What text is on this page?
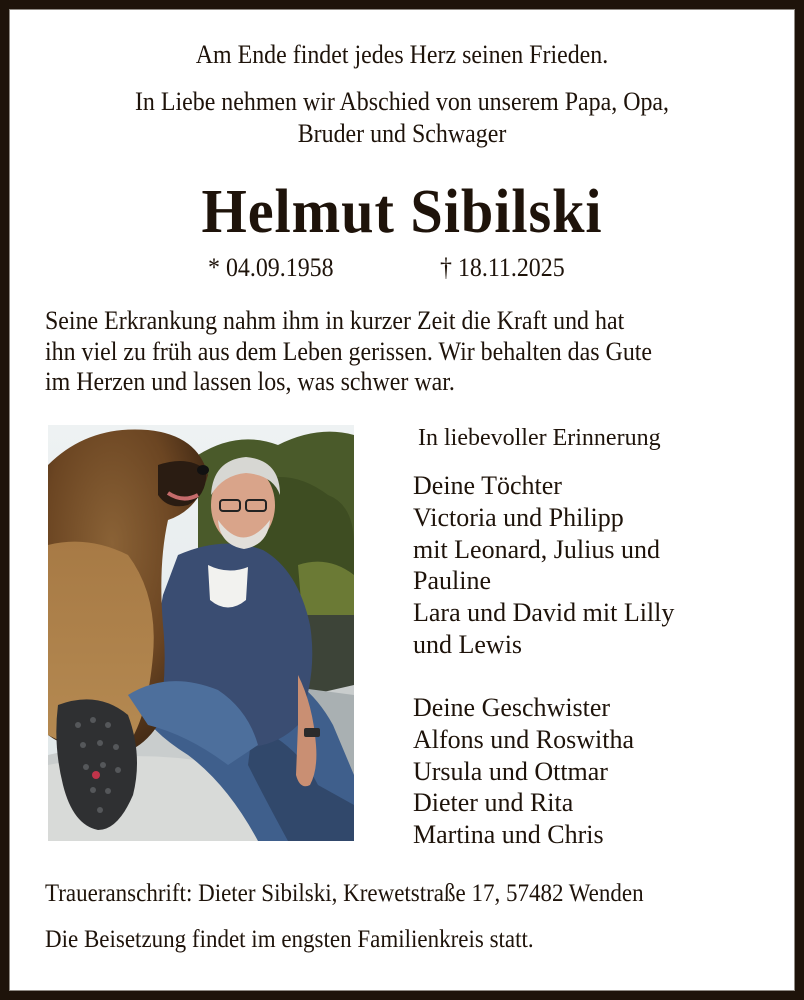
Am Ende findet jedes Herz seinen Frieden.
In Liebe nehmen wir Abschied von unserem Papa, Opa,
Bruder und Schwager
Helmut Sibilski
* 04.09.1958	† 18.11.2025
Seine Erkrankung nahm ihm in kurzer Zeit die Kraft und hat
ihn viel zu früh aus dem Leben gerissen. Wir behalten das Gute
im Herzen und lassen los, was schwer war.
In liebevoller Erinnerung
Deine Töchter
Victoria und Philipp
mit Leonard, Julius und
Pauline
Lara und David mit Lilly
und Lewis
Deine Geschwister
Alfons und Roswitha
Ursula und Ottmar
Dieter und Rita
Martina und Chris
Traueranschrift: Dieter Sibilski, Krewetstraße 17, 57482 Wenden
Die Beisetzung findet im engsten Familienkreis statt.
